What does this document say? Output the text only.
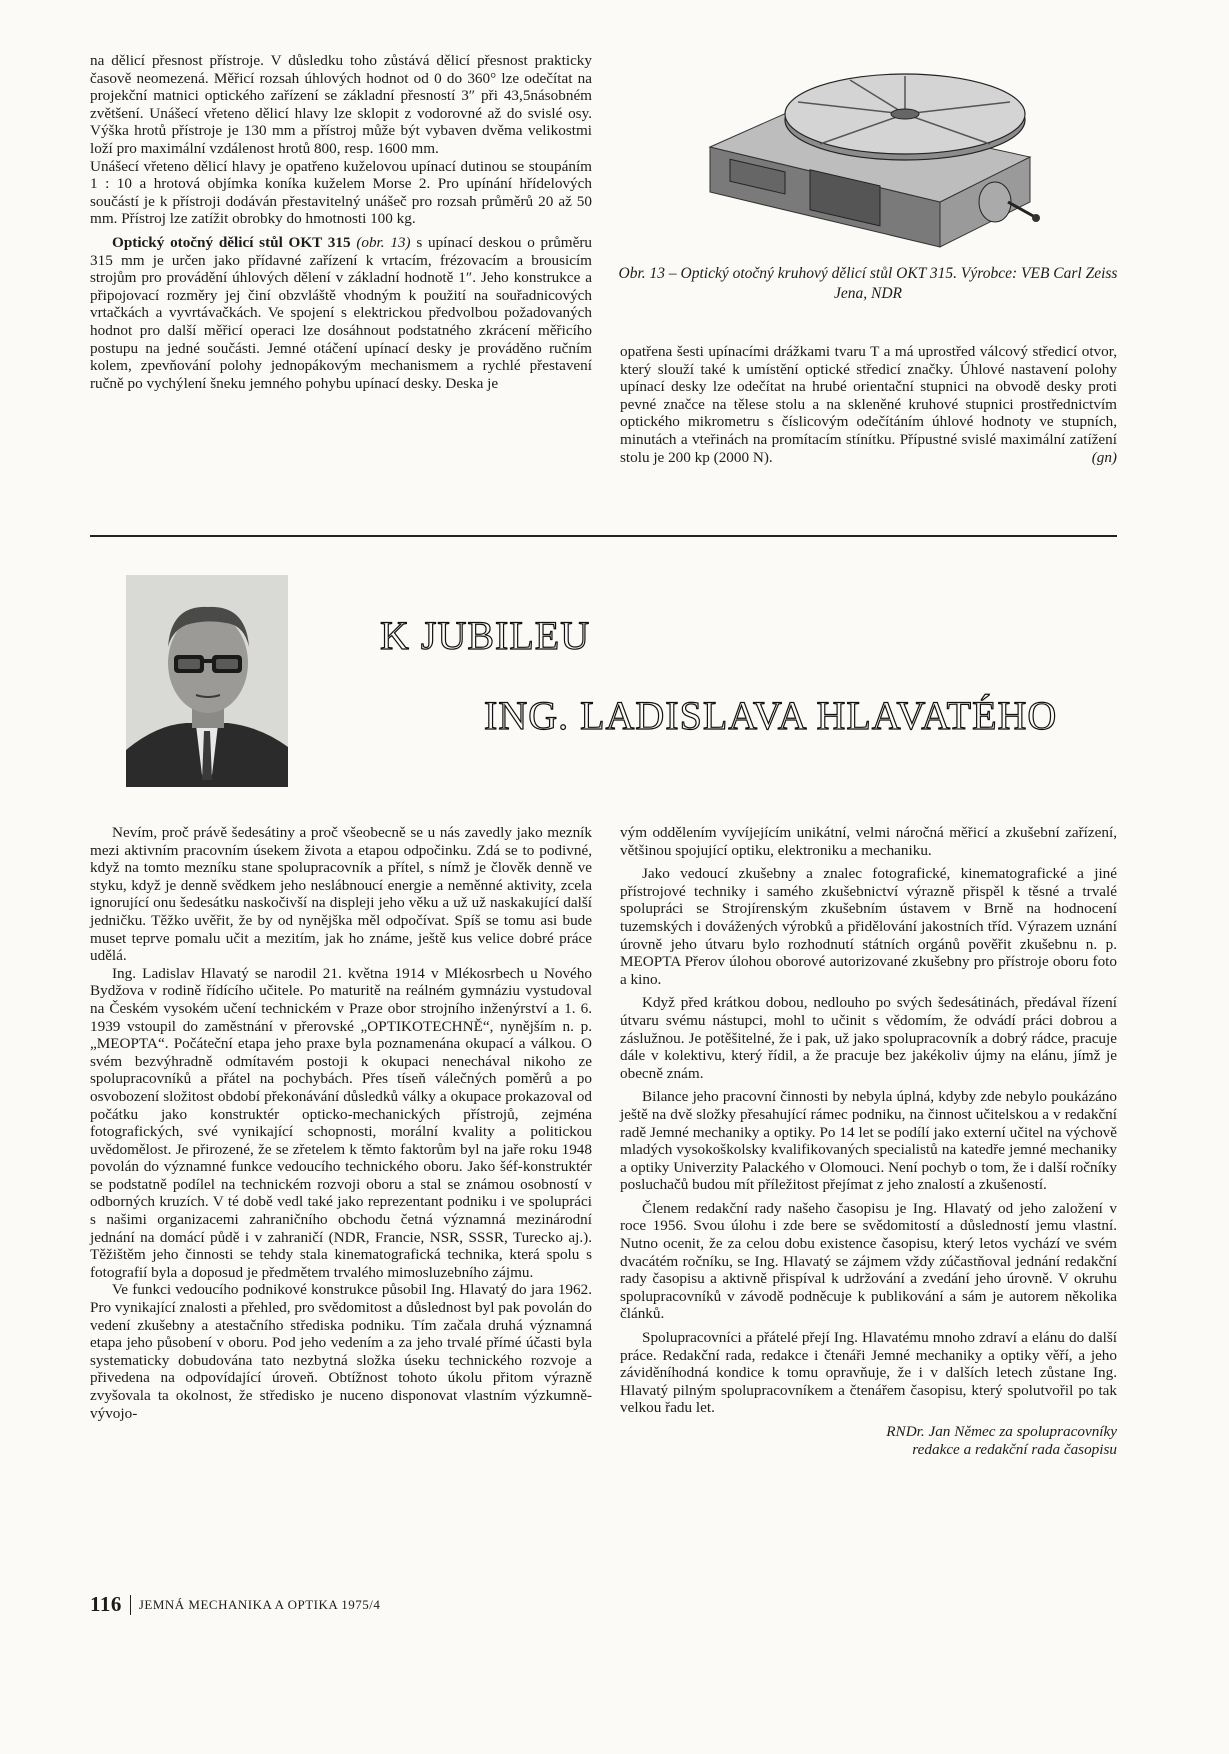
na dělicí přesnost přístroje. V důsledku toho zůstává dělicí přesnost prakticky časově neomezená. Měřicí rozsah úhlových hodnot od 0 do 360° lze odečítat na projekční matnici optického zařízení se základní přesností 3″ při 43,5násobném zvětšení. Unášecí vřeteno dělicí hlavy lze sklopit z vodorovné až do svislé osy. Výška hrotů přístroje je 130 mm a přístroj může být vybaven dvěma velikostmi loží pro maximální vzdálenost hrotů 800, resp. 1600 mm.

Unášecí vřeteno dělicí hlavy je opatřeno kuželovou upínací dutinou se stoupáním 1 : 10 a hrotová objímka koníka kuželem Morse 2. Pro upínání hřídelových součástí je k přístroji dodáván přestavitelný unášeč pro rozsah průměrů 20 až 50 mm. Přístroj lze zatížit obrobky do hmotnosti 100 kg.

Optický otočný dělicí stůl OKT 315 (obr. 13) s upínací deskou o průměru 315 mm je určen jako přídavné zařízení k vrtacím, frézovacím a brousicím strojům pro provádění úhlových dělení v základní hodnotě 1″. Jeho konstrukce a připojovací rozměry jej činí obzvláště vhodným k použití na souřadnicových vrtačkách a vyvrtávačkách. Ve spojení s elektrickou předvolbou požadovaných hodnot pro další měřicí operaci lze dosáhnout podstatného zkrácení měřicího postupu na jedné součásti. Jemné otáčení upínací desky je prováděno ručním kolem, zpevňování polohy jednopákovým mechanismem a rychlé přestavení ručně po vychýlení šneku jemného pohybu upínací desky. Deska je

Obr. 13 – Optický otočný kruhový dělicí stůl OKT 315. Výrobce: VEB Carl Zeiss Jena, NDR

opatřena šesti upínacími drážkami tvaru T a má uprostřed válcový středicí otvor, který slouží také k umístění optické středicí značky. Úhlové nastavení polohy upínací desky lze odečítat na hrubé orientační stupnici na obvodě desky proti pevné značce na tělese stolu a na skleněné kruhové stupnici prostřednictvím optického mikrometru s číslicovým odečítáním úhlové hodnoty ve stupních, minutách a vteřinách na promítacím stínítku. Přípustné svislé maximální zatížení stolu je 200 kp (2000 N).	(gn)

K JUBILEU
ING. LADISLAVA HLAVATÉHO

Nevím, proč právě šedesátiny a proč všeobecně se u nás zavedly jako mezník mezi aktivním pracovním úsekem života a etapou odpočinku. Zdá se to podivné, když na tomto mezníku stane spolupracovník a přítel, s nímž je člověk denně ve styku, když je denně svědkem jeho neslábnoucí energie a neměnné aktivity, zcela ignorující onu šedesátku naskočivší na displeji jeho věku a už už naskakující další jedničku. Těžko uvěřit, že by od nynějška měl odpočívat. Spíš se tomu asi bude muset teprve pomalu učit a mezitím, jak ho známe, ještě kus velice dobré práce udělá.

Ing. Ladislav Hlavatý se narodil 21. května 1914 v Mlékosrbech u Nového Bydžova v rodině řídícího učitele. Po maturitě na reálném gymnáziu vystudoval na Českém vysokém učení technickém v Praze obor strojního inženýrství a 1. 6. 1939 vstoupil do zaměstnání v přerovské „OPTIKOTECHNĚ“, nynějším n. p. „MEOPTA“. Počáteční etapa jeho praxe byla poznamenána okupací a válkou. O svém bezvýhradně odmítavém postoji k okupaci nenechával nikoho ze spolupracovníků a přátel na pochybách. Přes tíseň válečných poměrů a po osvobození složitost období překonávání důsledků války a okupace prokazoval od počátku jako konstruktér opticko-mechanických přístrojů, zejména fotografických, své vynikající schopnosti, morální kvality a politickou uvědomělost. Je přirozené, že se zřetelem k těmto faktorům byl na jaře roku 1948 povolán do významné funkce vedoucího technického oboru. Jako šéf-konstruktér se podstatně podílel na technickém rozvoji oboru a stal se známou osobností v odborných kruzích. V té době vedl také jako reprezentant podniku i ve spolupráci s našimi organizacemi zahraničního obchodu četná významná mezinárodní jednání na domácí půdě i v zahraničí (NDR, Francie, NSR, SSSR, Turecko aj.). Těžištěm jeho činnosti se tehdy stala kinematografická technika, která spolu s fotografií byla a doposud je předmětem trvalého mimosluzebního zájmu.

Ve funkci vedoucího podnikové konstrukce působil Ing. Hlavatý do jara 1962. Pro vynikající znalosti a přehled, pro svědomitost a důslednost byl pak povolán do vedení zkušebny a atestačního střediska podniku. Tím začala druhá významná etapa jeho působení v oboru. Pod jeho vedením a za jeho trvalé přímé účasti byla systematicky dobudována tato nezbytná složka úseku technického rozvoje a přivedena na odpovídající úroveň. Obtížnost tohoto úkolu přitom výrazně zvyšovala ta okolnost, že středisko je nuceno disponovat vlastním výzkumněvývojo-

vým oddělením vyvíjejícím unikátní, velmi náročná měřicí a zkušební zařízení, většinou spojující optiku, elektroniku a mechaniku.

Jako vedoucí zkušebny a znalec fotografické, kinematografické a jiné přístrojové techniky i samého zkušebnictví výrazně přispěl k těsné a trvalé spolupráci se Strojírenským zkušebním ústavem v Brně na hodnocení tuzemských i dovážených výrobků a přidělování jakostních tříd. Výrazem uznání úrovně jeho útvaru bylo rozhodnutí státních orgánů pověřit zkušebnu n. p. MEOPTA Přerov úlohou oborové autorizované zkušebny pro přístroje oboru foto a kino.

Když před krátkou dobou, nedlouho po svých šedesátinách, předával řízení útvaru svému nástupci, mohl to učinit s vědomím, že odvádí práci dobrou a záslužnou. Je potěšitelné, že i pak, už jako spolupracovník a dobrý rádce, pracuje dále v kolektivu, který řídil, a že pracuje bez jakékoliv újmy na elánu, jímž je obecně znám.

Bilance jeho pracovní činnosti by nebyla úplná, kdyby zde nebylo poukázáno ještě na dvě složky přesahující rámec podniku, na činnost učitelskou a v redakční radě Jemné mechaniky a optiky. Po 14 let se podílí jako externí učitel na výchově mladých vysokoškolsky kvalifikovaných specialistů na katedře jemné mechaniky a optiky Univerzity Palackého v Olomouci. Není pochyb o tom, že i další ročníky posluchačů budou mít příležitost přejímat z jeho znalostí a zkušeností.

Členem redakční rady našeho časopisu je Ing. Hlavatý od jeho založení v roce 1956. Svou úlohu i zde bere se svědomitostí a důsledností jemu vlastní. Nutno ocenit, že za celou dobu existence časopisu, který letos vychází ve svém dvacátém ročníku, se Ing. Hlavatý se zájmem vždy zúčastňoval jednání redakční rady časopisu a aktivně přispíval k udržování a zvedání jeho úrovně. V okruhu spolupracovníků v závodě podněcuje k publikování a sám je autorem několika článků.

Spolupracovníci a přátelé přejí Ing. Hlavatému mnoho zdraví a elánu do další práce. Redakční rada, redakce i čtenáři Jemné mechaniky a optiky věří, a jeho záviděníhodná kondice k tomu opravňuje, že i v dalších letech zůstane Ing. Hlavatý pilným spolupracovníkem a čtenářem časopisu, který spolutvořil po tak velkou řadu let.

RNDr. Jan Němec za spolupracovníky

redakce a redakční rada časopisu

116 JEMNÁ MECHANIKA A OPTIKA 1975/4
